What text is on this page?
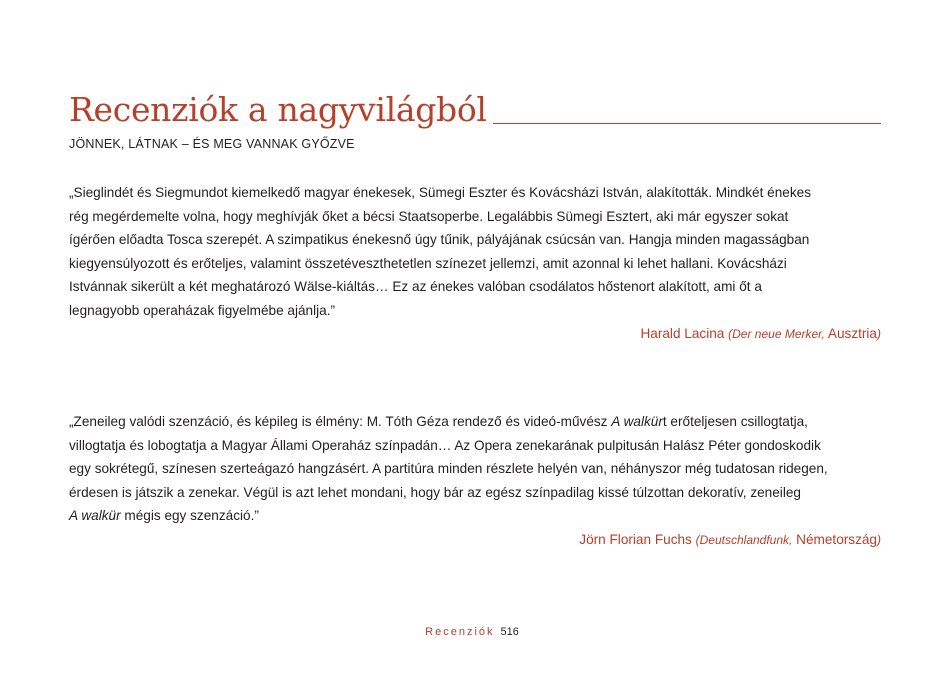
Recenziók a nagyvilágból
JÖNNEK, LÁTNAK – ÉS MEG VANNAK GYŐZVE

„Sieglindét és Siegmundot kiemelkedő magyar énekesek, Sümegi Eszter és Kovácsházi István, alakították. Mindkét énekes
rég megérdemelte volna, hogy meghívják őket a bécsi Staatsoperbe. Legalábbis Sümegi Esztert, aki már egyszer sokat
ígérően előadta Tosca szerepét. A szimpatikus énekesnő úgy tűnik, pályájának csúcsán van. Hangja minden magasságban
kiegyensúlyozott és erőteljes, valamint összetéveszthetetlen színezet jellemzi, amit azonnal ki lehet hallani. Kovácsházi
Istvánnak sikerült a két meghatározó Wälse-kiáltás… Ez az énekes valóban csodálatos hőstenort alakított, ami őt a
legnagyobb operaházak figyelmébe ajánlja.”

Harald Lacina (Der neue Merker, Ausztria)

„Zeneileg valódi szenzáció, és képileg is élmény: M. Tóth Géza rendező és videó-művész A walkürt erőteljesen csillogtatja,
villogtatja és lobogtatja a Magyar Állami Operaház színpadán… Az Opera zenekarának pulpitusán Halász Péter gondoskodik
egy sokrétegű, színesen szerteágazó hangzásért. A partitúra minden részlete helyén van, néhányszor még tudatosan ridegen,
érdesen is játszik a zenekar. Végül is azt lehet mondani, hogy bár az egész színpadilag kissé túlzottan dekoratív, zeneileg
A walkür mégis egy szenzáció.”

Jörn Florian Fuchs (Deutschlandfunk, Németország)
Recenziók 516
